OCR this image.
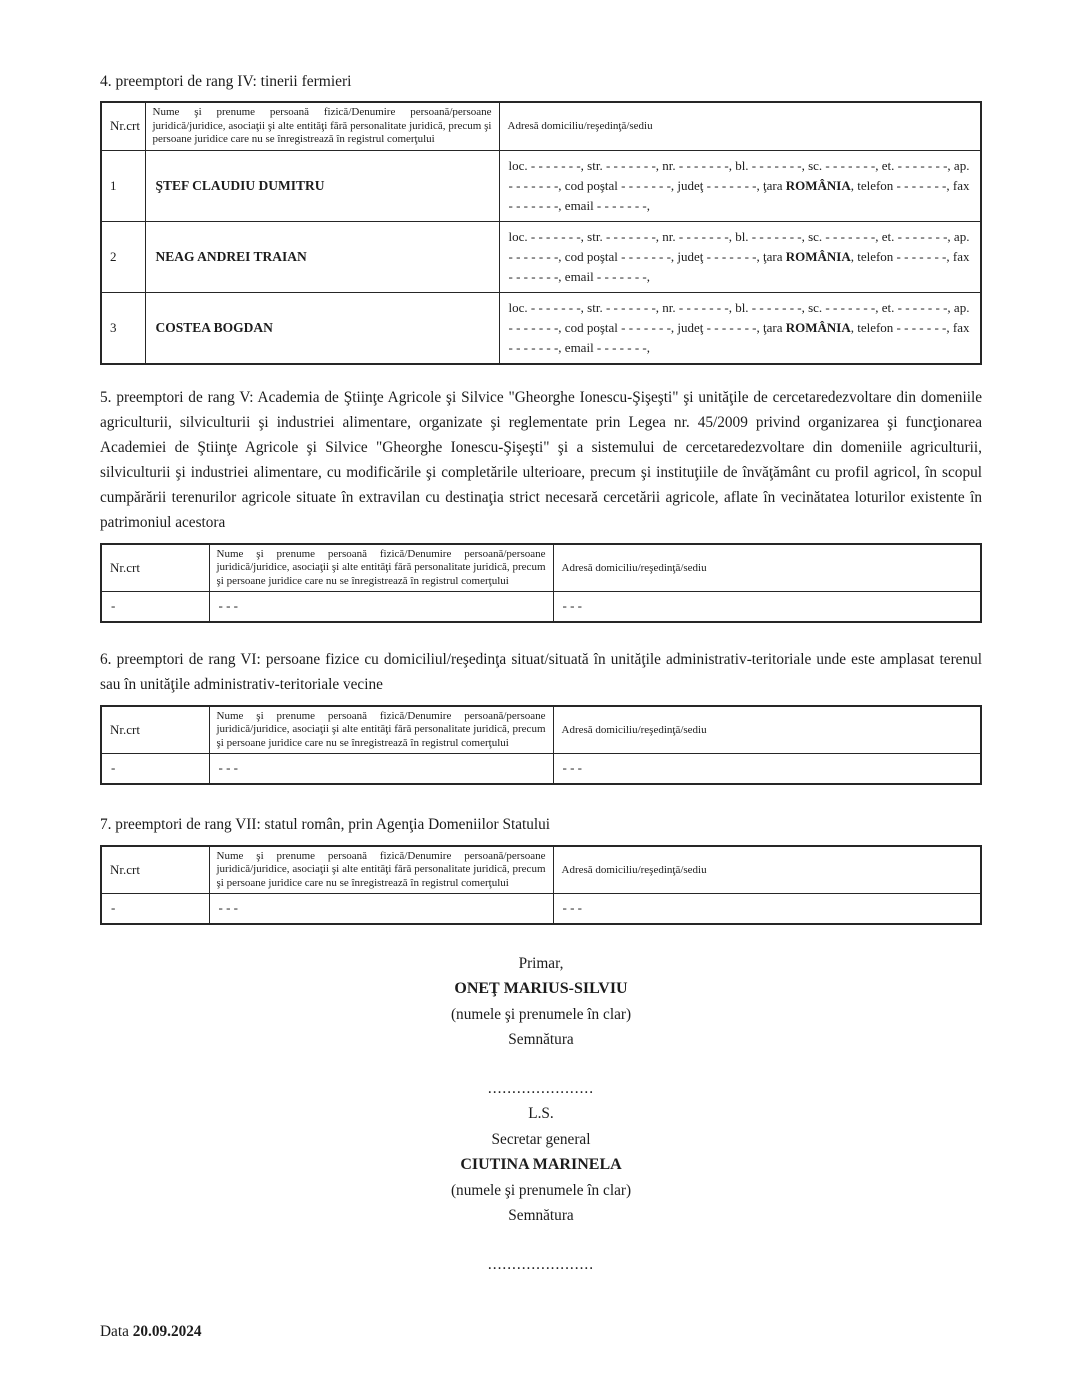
4. preemptori de rang IV: tinerii fermieri
Nr.crt	Nume şi prenume persoană fizică/Denumire persoană/persoane juridică/juridice, asociaţii şi alte entităţi fără personalitate juridică, precum şi persoane juridice care nu se înregistrează în registrul comerţului	Adresă domiciliu/reşedinţă/sediu
1	ŞTEF CLAUDIU DUMITRU	loc. - - - - - - -, str. - - - - - - -, nr. - - - - - - -, bl. - - - - - - -, sc. - - - - - - -, et. - - - - - - -, ap. - - - - - - -, cod poştal - - - - - - -, judeţ - - - - - - -, ţara ROMÂNIA, telefon - - - - - - -, fax - - - - - - -, email - - - - - - -,
2	NEAG ANDREI TRAIAN	loc. - - - - - - -, str. - - - - - - -, nr. - - - - - - -, bl. - - - - - - -, sc. - - - - - - -, et. - - - - - - -, ap. - - - - - - -, cod poştal - - - - - - -, judeţ - - - - - - -, ţara ROMÂNIA, telefon - - - - - - -, fax - - - - - - -, email - - - - - - -,
3	COSTEA BOGDAN	loc. - - - - - - -, str. - - - - - - -, nr. - - - - - - -, bl. - - - - - - -, sc. - - - - - - -, et. - - - - - - -, ap. - - - - - - -, cod poştal - - - - - - -, judeţ - - - - - - -, ţara ROMÂNIA, telefon - - - - - - -, fax - - - - - - -, email - - - - - - -,
5. preemptori de rang V: Academia de Ştiinţe Agricole şi Silvice "Gheorghe Ionescu-Şişeşti" şi unităţile de cercetaredezvoltare din domeniile agriculturii, silviculturii şi industriei alimentare, organizate şi reglementate prin Legea nr. 45/2009 privind organizarea şi funcţionarea Academiei de Ştiinţe Agricole şi Silvice "Gheorghe Ionescu-Şişeşti" şi a sistemului de cercetaredezvoltare din domeniile agriculturii, silviculturii şi industriei alimentare, cu modificările şi completările ulterioare, precum şi instituţiile de învăţământ cu profil agricol, în scopul cumpărării terenurilor agricole situate în extravilan cu destinaţia strict necesară cercetării agricole, aflate în vecinătatea loturilor existente în patrimoniul acestora
Nr.crt	Nume şi prenume persoană fizică/Denumire persoană/persoane juridică/juridice, asociaţii şi alte entităţi fără personalitate juridică, precum şi persoane juridice care nu se înregistrează în registrul comerţului	Adresă domiciliu/reşedinţă/sediu
-	- - -	- - -
6. preemptori de rang VI: persoane fizice cu domiciliul/reşedinţa situat/situată în unităţile administrativ-teritoriale unde este amplasat terenul sau în unităţile administrativ-teritoriale vecine
Nr.crt	Nume şi prenume persoană fizică/Denumire persoană/persoane juridică/juridice, asociaţii şi alte entităţi fără personalitate juridică, precum şi persoane juridice care nu se înregistrează în registrul comerţului	Adresă domiciliu/reşedinţă/sediu
-	- - -	- - -
7. preemptori de rang VII: statul român, prin Agenţia Domeniilor Statului
Nr.crt	Nume şi prenume persoană fizică/Denumire persoană/persoane juridică/juridice, asociaţii şi alte entităţi fără personalitate juridică, precum şi persoane juridice care nu se înregistrează în registrul comerţului	Adresă domiciliu/reşedinţă/sediu
-	- - -	- - -
Primar,
ONEŢ MARIUS-SILVIU
(numele şi prenumele în clar)
Semnătura
......................
L.S.
Secretar general
CIUTINA MARINELA
(numele şi prenumele în clar)
Semnătura
......................
Data 20.09.2024
